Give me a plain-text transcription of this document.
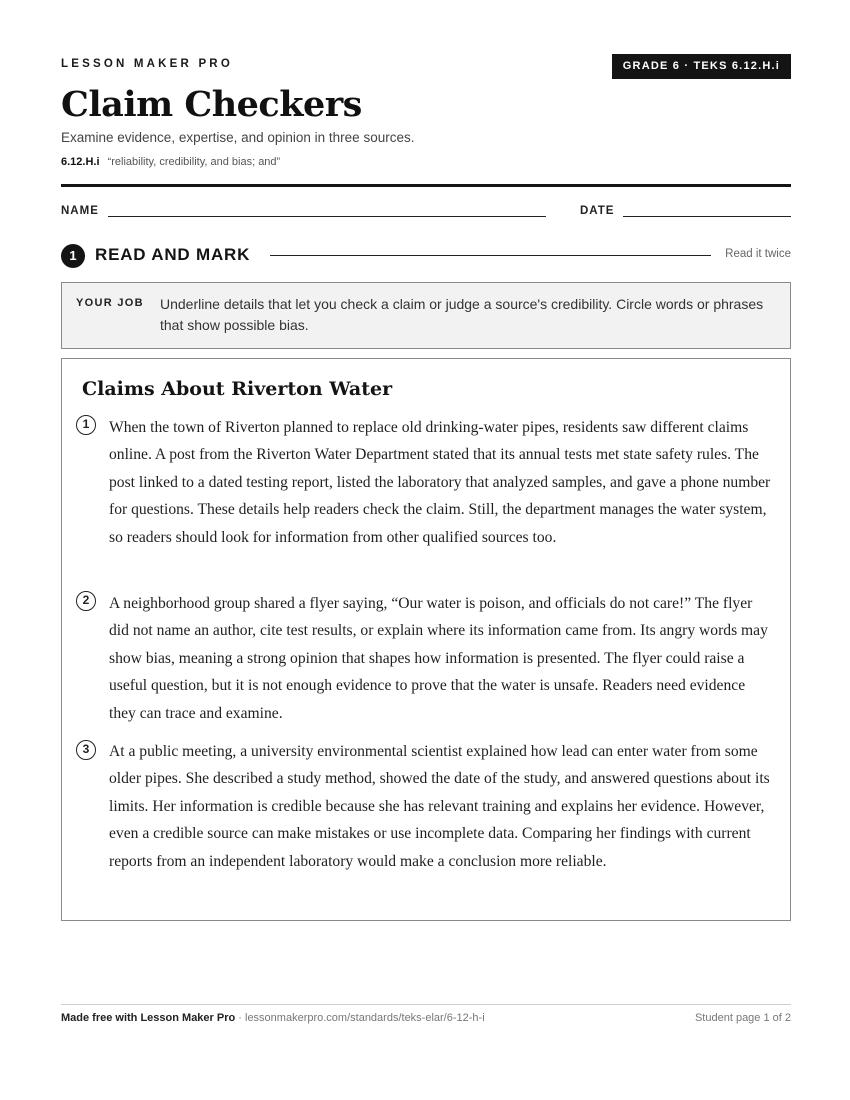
LESSON MAKER PRO	GRADE 6 · TEKS 6.12.H.i
Claim Checkers
Examine evidence, expertise, and opinion in three sources.
6.12.H.i “reliability, credibility, and bias; and”
NAME	DATE
1	READ AND MARK	Read it twice
YOUR JOB Underline details that let you check a claim or judge a source's credibility. Circle words or phrases that show possible bias.
Claims About Riverton Water
1	When the town of Riverton planned to replace old drinking-water pipes, residents saw different claims online. A post from the Riverton Water Department stated that its annual tests met state safety rules. The post linked to a dated testing report, listed the laboratory that analyzed samples, and gave a phone number for questions. These details help readers check the claim. Still, the department manages the water system, so readers should look for information from other qualified sources too.
2	A neighborhood group shared a flyer saying, “Our water is poison, and officials do not care!” The flyer did not name an author, cite test results, or explain where its information came from. Its angry words may show bias, meaning a strong opinion that shapes how information is presented. The flyer could raise a useful question, but it is not enough evidence to prove that the water is unsafe. Readers need evidence they can trace and examine.
3	At a public meeting, a university environmental scientist explained how lead can enter water from some older pipes. She described a study method, showed the date of the study, and answered questions about its limits. Her information is credible because she has relevant training and explains her evidence. However, even a credible source can make mistakes or use incomplete data. Comparing her findings with current reports from an independent laboratory would make a conclusion more reliable.
Made free with Lesson Maker Pro · lessonmakerpro.com/standards/teks-elar/6-12-h-i	Student page 1 of 2
